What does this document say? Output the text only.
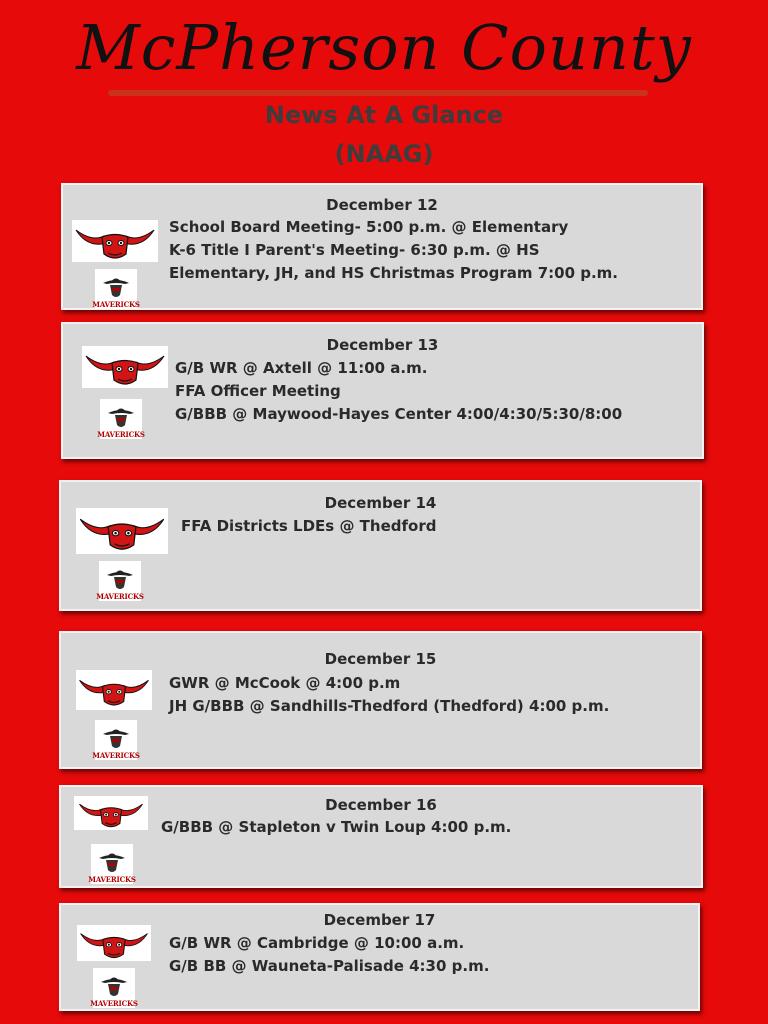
McPherson County
News At A Glance
(NAAG)
December 12
MAVERICKS
School Board Meeting- 5:00 p.m. @ Elementary
K-6 Title I Parent's Meeting- 6:30 p.m. @ HS
Elementary, JH, and HS Christmas Program 7:00 p.m.
December 13
MAVERICKS
G/B WR @ Axtell @ 11:00 a.m.
FFA Officer Meeting
G/BBB @ Maywood-Hayes Center 4:00/4:30/5:30/8:00
December 14
MAVERICKS
FFA Districts LDEs @ Thedford
December 15
MAVERICKS
GWR @ McCook @ 4:00 p.m
JH G/BBB @ Sandhills-Thedford (Thedford) 4:00 p.m.
December 16
MAVERICKS
G/BBB @ Stapleton v Twin Loup 4:00 p.m.
December 17
MAVERICKS
G/B WR @ Cambridge @ 10:00 a.m.
G/B BB @ Wauneta-Palisade 4:30 p.m.
